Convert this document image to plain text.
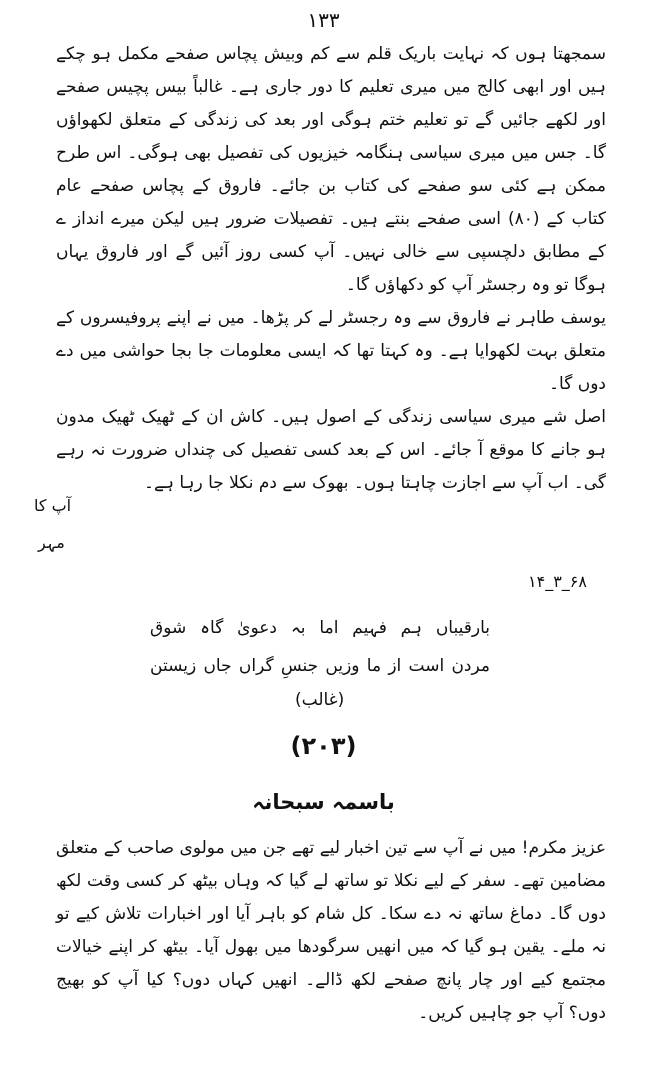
۱۳۳

سمجھتا ہوں کہ نہایت باریک قلم سے کم وبیش پچاس صفحے مکمل ہو چکے ہیں اور ابھی کالج میں میری تعلیم کا دور جاری ہے۔ غالباً بیس پچیس صفحے اور لکھے جائیں گے تو تعلیم ختم ہوگی اور بعد کی زندگی کے متعلق لکھواؤں گا۔ جس میں میری سیاسی ہنگامہ خیزیوں کی تفصیل بھی ہوگی۔ اس طرح ممکن ہے کئی سو صفحے کی کتاب بن جائے۔ فاروق کے پچاس صفحے عام کتاب کے (۸۰) اسی صفحے بنتے ہیں۔ تفصیلات ضرور ہیں لیکن میرے انداز ے کے مطابق دلچسپی سے خالی نہیں۔ آپ کسی روز آئیں گے اور فاروق یہاں ہوگا تو وہ رجسٹر آپ کو دکھاؤں گا۔

یوسف طاہر نے فاروق سے وہ رجسٹر لے کر پڑھا۔ میں نے اپنے پروفیسروں کے متعلق بہت لکھوایا ہے۔ وہ کہتا تھا کہ ایسی معلومات جا بجا حواشی میں دے دوں گا۔

اصل شے میری سیاسی زندگی کے اصول ہیں۔ کاش ان کے ٹھیک ٹھیک مدون ہو جانے کا موقع آ جائے۔ اس کے بعد کسی تفصیل کی چنداں ضرورت نہ رہے گی۔ اب آپ سے اجازت چاہتا ہوں۔ بھوک سے دم نکلا جا رہا ہے۔

آپ کا
مہر
۱۴_۳_۶۸
بارقیباں ہم فہیم اما بہ دعویٰ گاہ شوق
مردن است از ما وزیں جنسِ گراں جاں زیستن
(غالب)
(۲۰۳)
باسمہ سبحانہ

عزیز مکرم! میں نے آپ سے تین اخبار لیے تھے جن میں مولوی صاحب کے متعلق مضامین تھے۔ سفر کے لیے نکلا تو ساتھ لے گیا کہ وہاں بیٹھ کر کسی وقت لکھ دوں گا۔ دماغ ساتھ نہ دے سکا۔ کل شام کو باہر آیا اور اخبارات تلاش کیے تو نہ ملے۔ یقین ہو گیا کہ میں انھیں سرگودھا میں بھول آیا۔ بیٹھ کر اپنے خیالات مجتمع کیے اور چار پانچ صفحے لکھ ڈالے۔ انھیں کہاں دوں؟ کیا آپ کو بھیج دوں؟ آپ جو چاہیں کریں۔
